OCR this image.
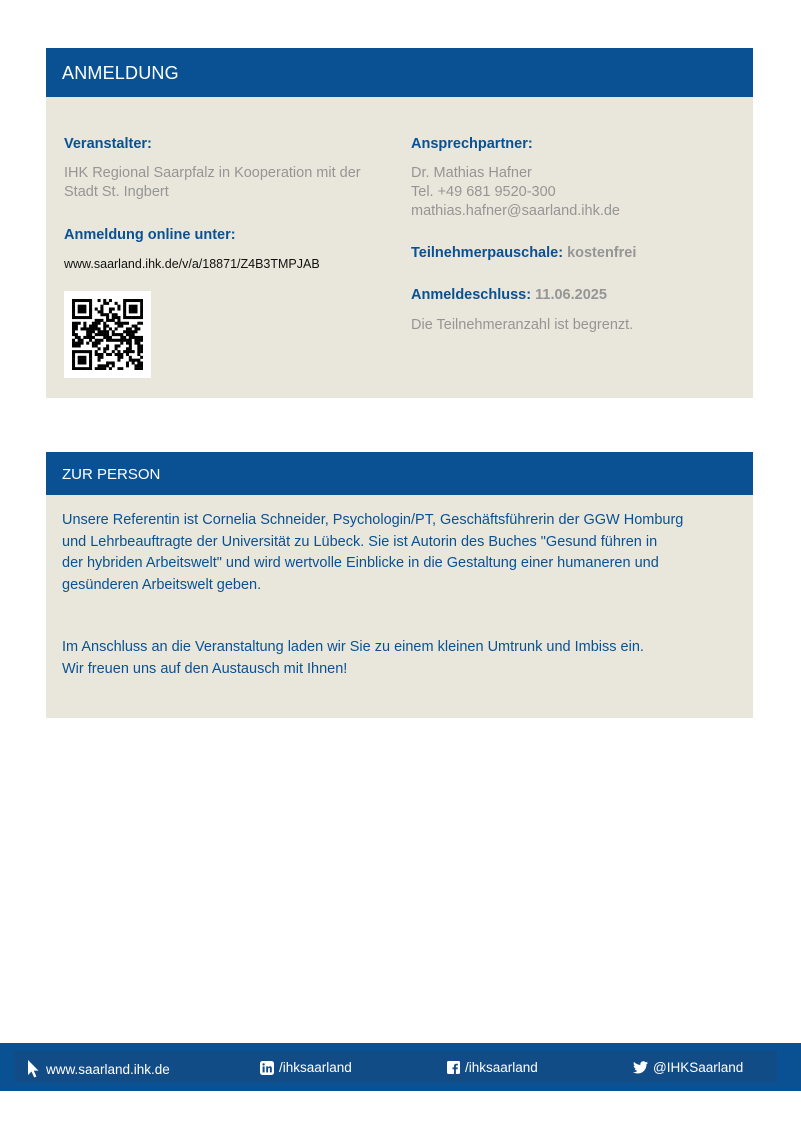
ANMELDUNG
Veranstalter:
IHK Regional Saarpfalz in Kooperation mit der
Stadt St. Ingbert
Anmeldung online unter:
www.saarland.ihk.de/v/a/18871/Z4B3TMPJAB
Ansprechpartner:
Dr. Mathias Hafner
Tel. +49 681 9520-300
mathias.hafner@saarland.ihk.de
Teilnehmerpauschale: kostenfrei
Anmeldeschluss: 11.06.2025
Die Teilnehmeranzahl ist begrenzt.
ZUR PERSON
Unsere Referentin ist Cornelia Schneider, Psychologin/PT, Geschäftsführerin der GGW Homburg
und Lehrbeauftragte der Universität zu Lübeck. Sie ist Autorin des Buches "Gesund führen in
der hybriden Arbeitswelt" und wird wertvolle Einblicke in die Gestaltung einer humaneren und
gesünderen Arbeitswelt geben.
Im Anschluss an die Veranstaltung laden wir Sie zu einem kleinen Umtrunk und Imbiss ein.
Wir freuen uns auf den Austausch mit Ihnen!
www.saarland.ihk.de	/ihksaarland	/ihksaarland	@IHKSaarland
